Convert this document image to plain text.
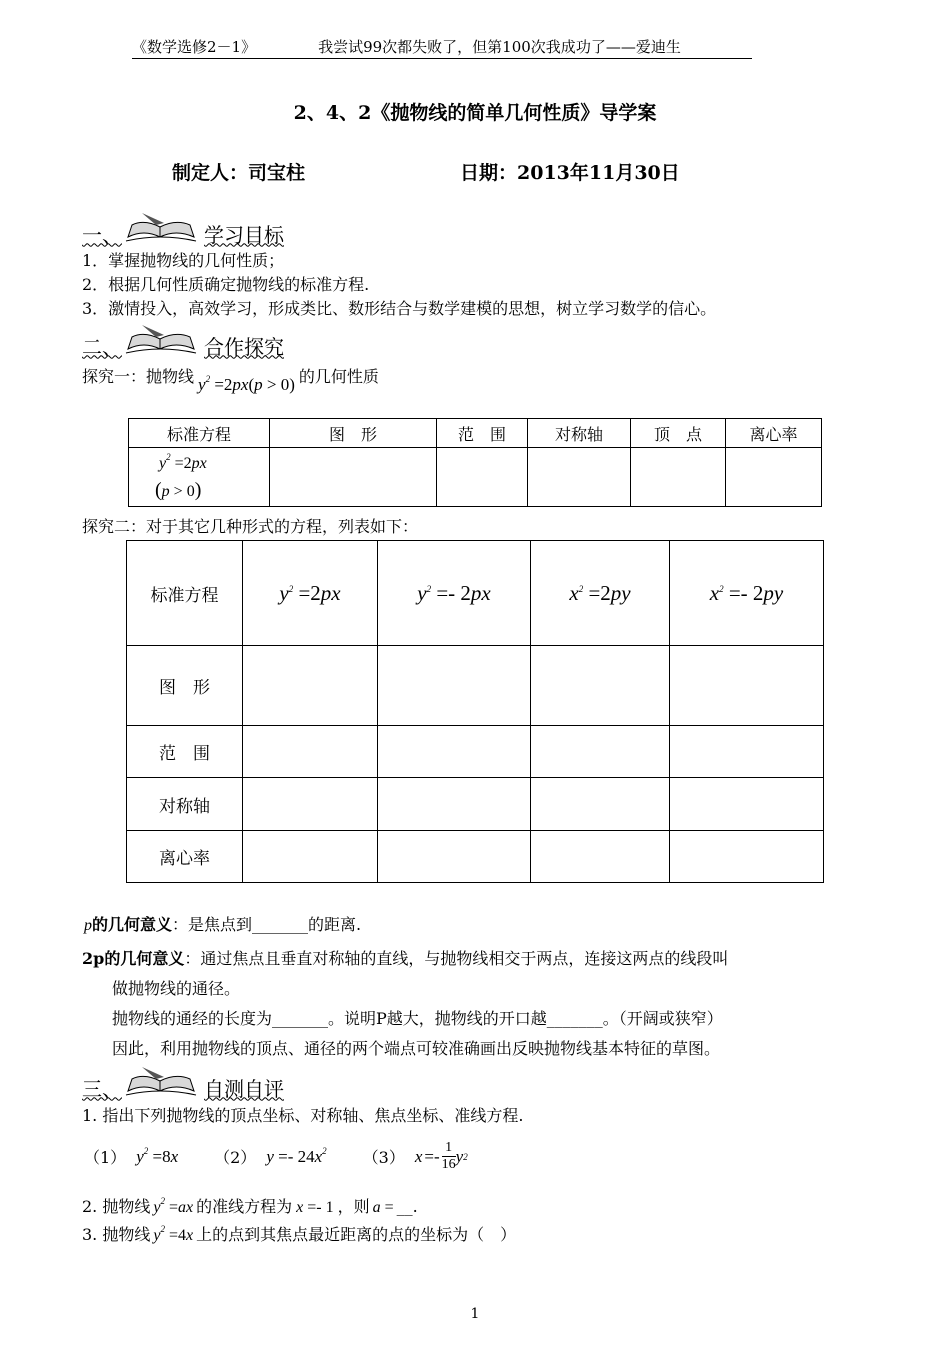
《数学选修2－1》	我尝试99次都失败了，但第100次我成功了——爱迪生
2、4、2《抛物线的简单几何性质》导学案
制定人：司宝柱	日期：2013年11月30日
一、	学习目标
1．掌握抛物线的几何性质；
2．根据几何性质确定抛物线的标准方程.
3．激情投入，高效学习，形成类比、数形结合与数学建模的思想，树立学习数学的信心。
二、	合作探究
探究一：抛物线 $y^2 =2px(p > 0)$ 的几何性质
标准方程	图　形	范　围	对称轴	顶　点	离心率

$y^2 =2px$
(p > 0)					

探究二：对于其它几种形式的方程，列表如下：
标准方程	$y^2 =2px$	$y^2 =- 2px$	$x^2 =2py$	$x^2 =- 2py$
图　形				
范　围				
对称轴				
离心率				
p的几何意义：是焦点到_______的距离.
2p的几何意义：通过焦点且垂直对称轴的直线，与抛物线相交于两点，连接这两点的线段叫
做抛物线的通径。
抛物线的通经的长度为_______。说明P越大，抛物线的开口越_______。（开阔或狭窄）
因此，利用抛物线的顶点、通径的两个端点可较准确画出反映抛物线基本特征的草图。
三、	自测自评
1. 指出下列抛物线的顶点坐标、对称轴、焦点坐标、准线方程.
（1） $y^2 =8x$ （2） $y =- 24x^2$ （3） $x =- \frac{1}{16}$ y 2
2. 抛物线 $y^2 =ax$ 的准线方程为 x =- 1 ，则 a = __.
3. 抛物线 $y^2 =4x$ 上的点到其焦点最近距离的点的坐标为（　）
1
